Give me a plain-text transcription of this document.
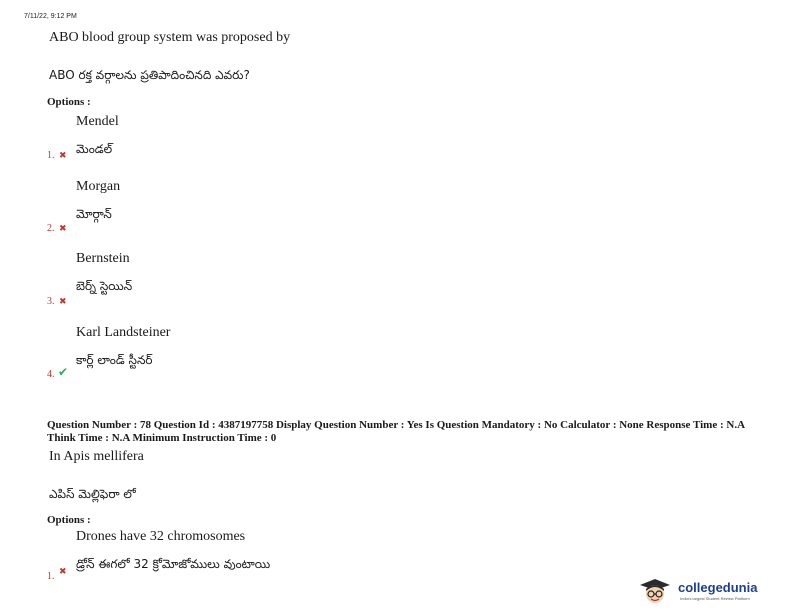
7/11/22, 9:12 PM
ABO blood group system was proposed by
ABO రక్త వర్గాలను ప్రతిపాదించినది ఎవరు?
Options :
Mendel
మెండల్
1. ✖
Morgan
మోర్గాన్
2. ✖
Bernstein
బెర్న్ స్టెయిన్
3. ✖
Karl Landsteiner
కార్ల్ లాండ్ స్టీనర్
4. ✔
Question Number : 78 Question Id : 4387197758 Display Question Number : Yes Is Question Mandatory : No Calculator : None Response Time : N.A Think Time : N.A Minimum Instruction Time : 0
In Apis mellifera
ఎపిస్ మెల్లిఫెరా లో
Options :
Drones have 32 chromosomes
డ్రోన్ ఈగలో 32 క్రోమోజోములు వుంటాయి
1. ✖
collegedunia
India's largest Student Review Platform
